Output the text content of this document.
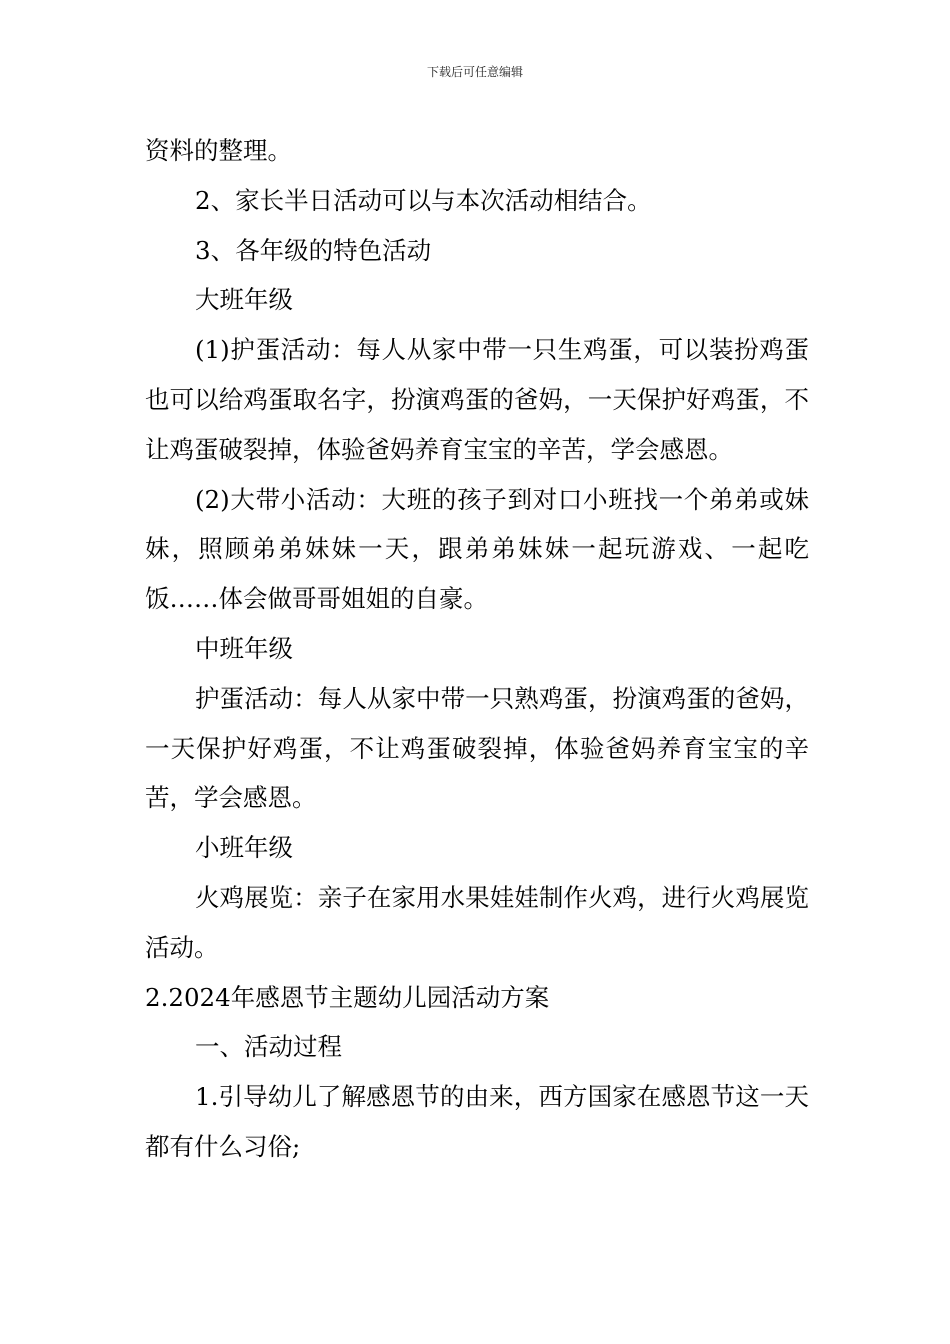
下载后可任意编辑

资料的整理。

2、家长半日活动可以与本次活动相结合。

3、各年级的特色活动

大班年级

(1)护蛋活动：每人从家中带一只生鸡蛋，可以装扮鸡蛋也可以给鸡蛋取名字，扮演鸡蛋的爸妈，一天保护好鸡蛋，不让鸡蛋破裂掉，体验爸妈养育宝宝的辛苦，学会感恩。

(2)大带小活动：大班的孩子到对口小班找一个弟弟或妹妹，照顾弟弟妹妹一天，跟弟弟妹妹一起玩游戏、一起吃饭……体会做哥哥姐姐的自豪。

中班年级

护蛋活动：每人从家中带一只熟鸡蛋，扮演鸡蛋的爸妈，一天保护好鸡蛋，不让鸡蛋破裂掉，体验爸妈养育宝宝的辛苦，学会感恩。

小班年级

火鸡展览：亲子在家用水果娃娃制作火鸡，进行火鸡展览活动。

2.2024年感恩节主题幼儿园活动方案

一、活动过程

1.引导幼儿了解感恩节的由来，西方国家在感恩节这一天都有什么习俗;
